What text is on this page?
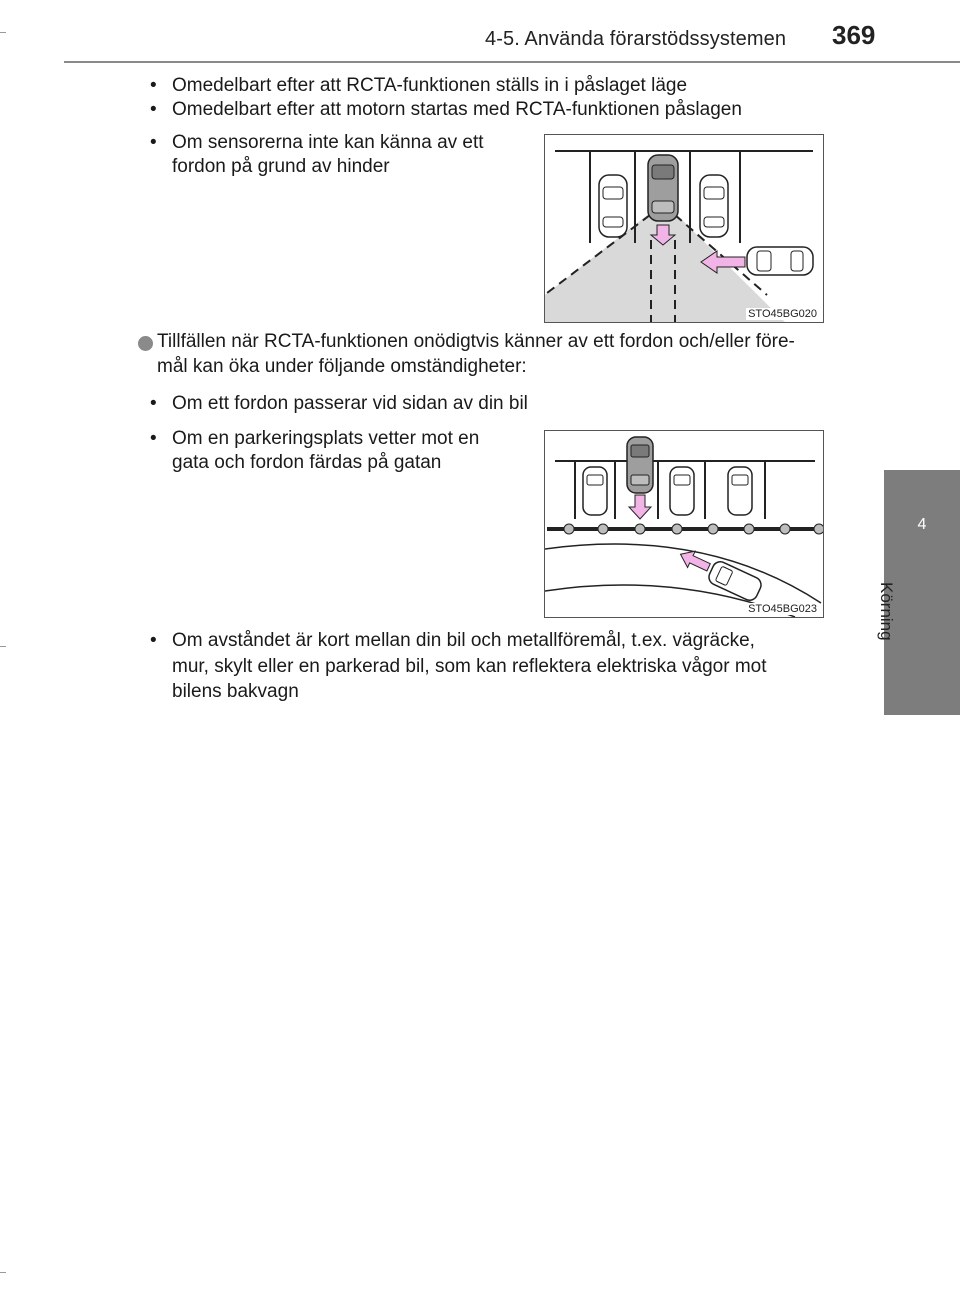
4-5. Använda förarstödssystemen 369
4
Körning
• Omedelbart efter att RCTA-funktionen ställs in i påslaget läge
• Omedelbart efter att motorn startas med RCTA-funktionen påslagen
• Om sensorerna inte kan känna av ett
fordon på grund av hinder
STO45BG020
Tillfällen när RCTA-funktionen onödigtvis känner av ett fordon och/eller före-
mål kan öka under följande omständigheter:
• Om ett fordon passerar vid sidan av din bil
• Om en parkeringsplats vetter mot en
gata och fordon färdas på gatan
STO45BG023
• Om avståndet är kort mellan din bil och metallföremål, t.ex. vägräcke,
mur, skylt eller en parkerad bil, som kan reflektera elektriska vågor mot
bilens bakvagn
